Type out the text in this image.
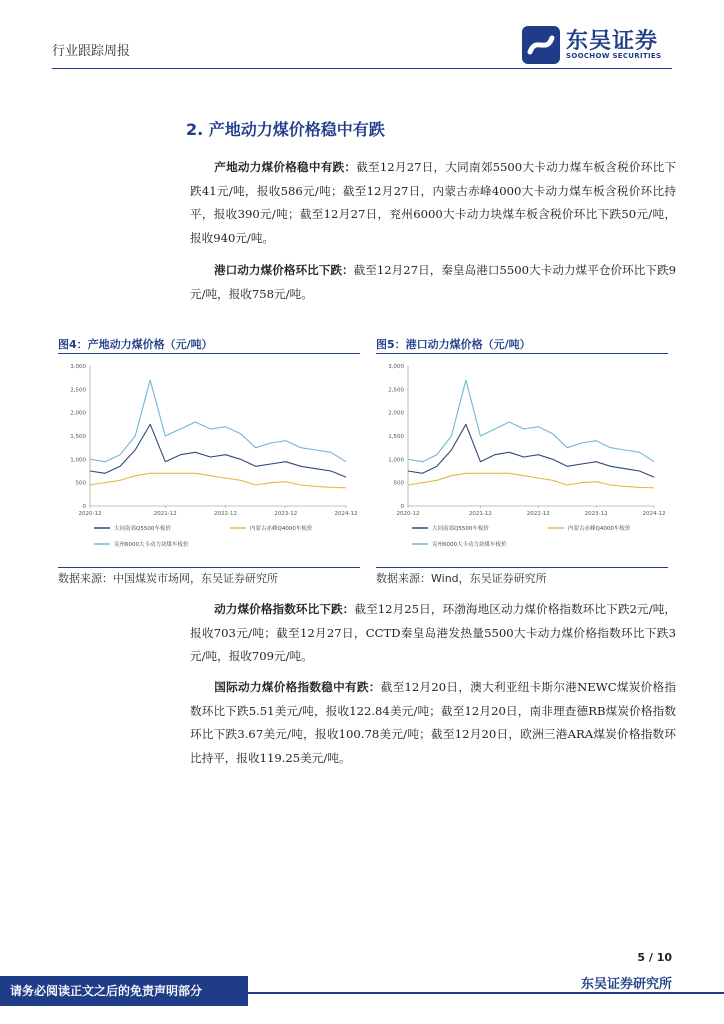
行业跟踪周报	东吴证券
SOOCHOW SECURITIES
2. 产地动力煤价格稳中有跌
产地动力煤价格稳中有跌：截至12月27日，大同南郊5500大卡动力煤车板含税价环比下跌41元/吨，报收586元/吨；截至12月27日，内蒙古赤峰4000大卡动力煤车板含税价环比持平，报收390元/吨；截至12月27日，兖州6000大卡动力块煤车板含税价环比下跌50元/吨，报收940元/吨。
港口动力煤价格环比下跌：截至12月27日，秦皇岛港口5500大卡动力煤平仓价环比下跌9元/吨，报收758元/吨。
图4：产地动力煤价格（元/吨）
0
500
1,000
1,500
2,000
2,500
3,000
2020-12	2021-12	2022-12	2023-12	2024-12
大同南郊Q5500车板价	内蒙古赤峰Q4000车板价
兖州6000大卡动力块煤车板价
数据来源：中国煤炭市场网，东吴证券研究所
图5：港口动力煤价格（元/吨）
0
500
1,000
1,500
2,000
2,500
3,000
2020-12	2021-12	2022-12	2023-12	2024-12
大同南郊Q5500车板价	内蒙古赤峰Q4000车板价
兖州6000大卡动力块煤车板价
数据来源：Wind，东吴证券研究所
动力煤价格指数环比下跌：截至12月25日，环渤海地区动力煤价格指数环比下跌2元/吨，报收703元/吨；截至12月27日，CCTD秦皇岛港发热量5500大卡动力煤价格指数环比下跌3元/吨，报收709元/吨。
国际动力煤价格指数稳中有跌：截至12月20日，澳大利亚纽卡斯尔港NEWC煤炭价格指数环比下跌5.51美元/吨，报收122.84美元/吨；截至12月20日，南非理查德RB煤炭价格指数环比下跌3.67美元/吨，报收100.78美元/吨；截至12月20日，欧洲三港ARA煤炭价格指数环比持平，报收119.25美元/吨。
5 / 10
东吴证券研究所
请务必阅读正文之后的免责声明部分
